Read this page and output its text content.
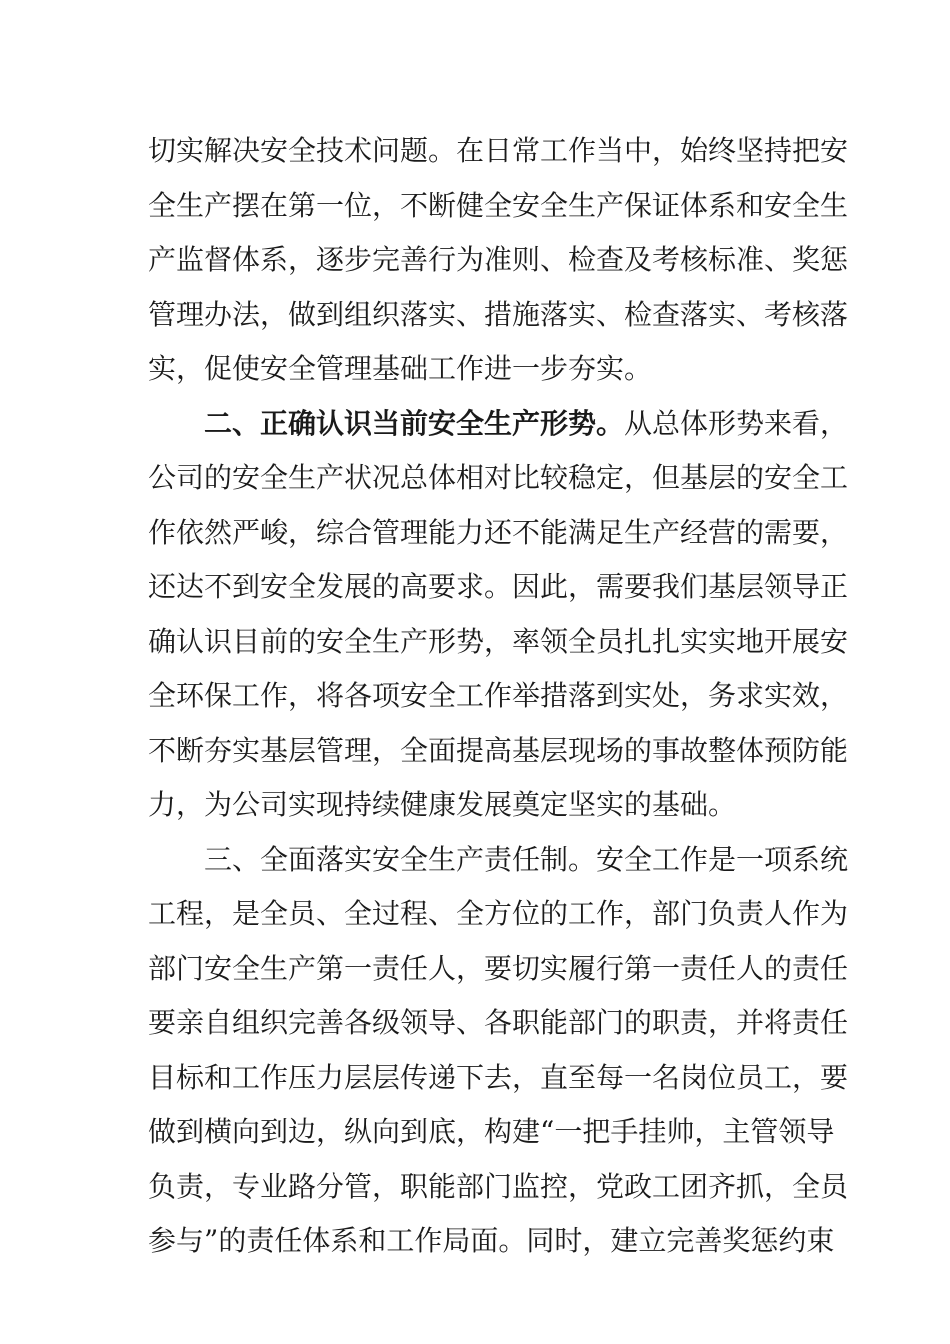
切实解决安全技术问题。在日常工作当中，始终坚持把安
全生产摆在第一位，不断健全安全生产保证体系和安全生
产监督体系，逐步完善行为准则、检查及考核标准、奖惩
管理办法，做到组织落实、措施落实、检查落实、考核落
实，促使安全管理基础工作进一步夯实。
二、正确认识当前安全生产形势。从总体形势来看，
公司的安全生产状况总体相对比较稳定，但基层的安全工
作依然严峻，综合管理能力还不能满足生产经营的需要，
还达不到安全发展的高要求。因此，需要我们基层领导正
确认识目前的安全生产形势，率领全员扎扎实实地开展安
全环保工作，将各项安全工作举措落到实处，务求实效，
不断夯实基层管理，全面提高基层现场的事故整体预防能
力，为公司实现持续健康发展奠定坚实的基础。
三、全面落实安全生产责任制。安全工作是一项系统
工程，是全员、全过程、全方位的工作，部门负责人作为
部门安全生产第一责任人，要切实履行第一责任人的责任
要亲自组织完善各级领导、各职能部门的职责，并将责任
目标和工作压力层层传递下去，直至每一名岗位员工，要
做到横向到边，纵向到底，构建“一把手挂帅，主管领导
负责，专业路分管，职能部门监控，党政工团齐抓，全员
参与”的责任体系和工作局面。同时，建立完善奖惩约束
